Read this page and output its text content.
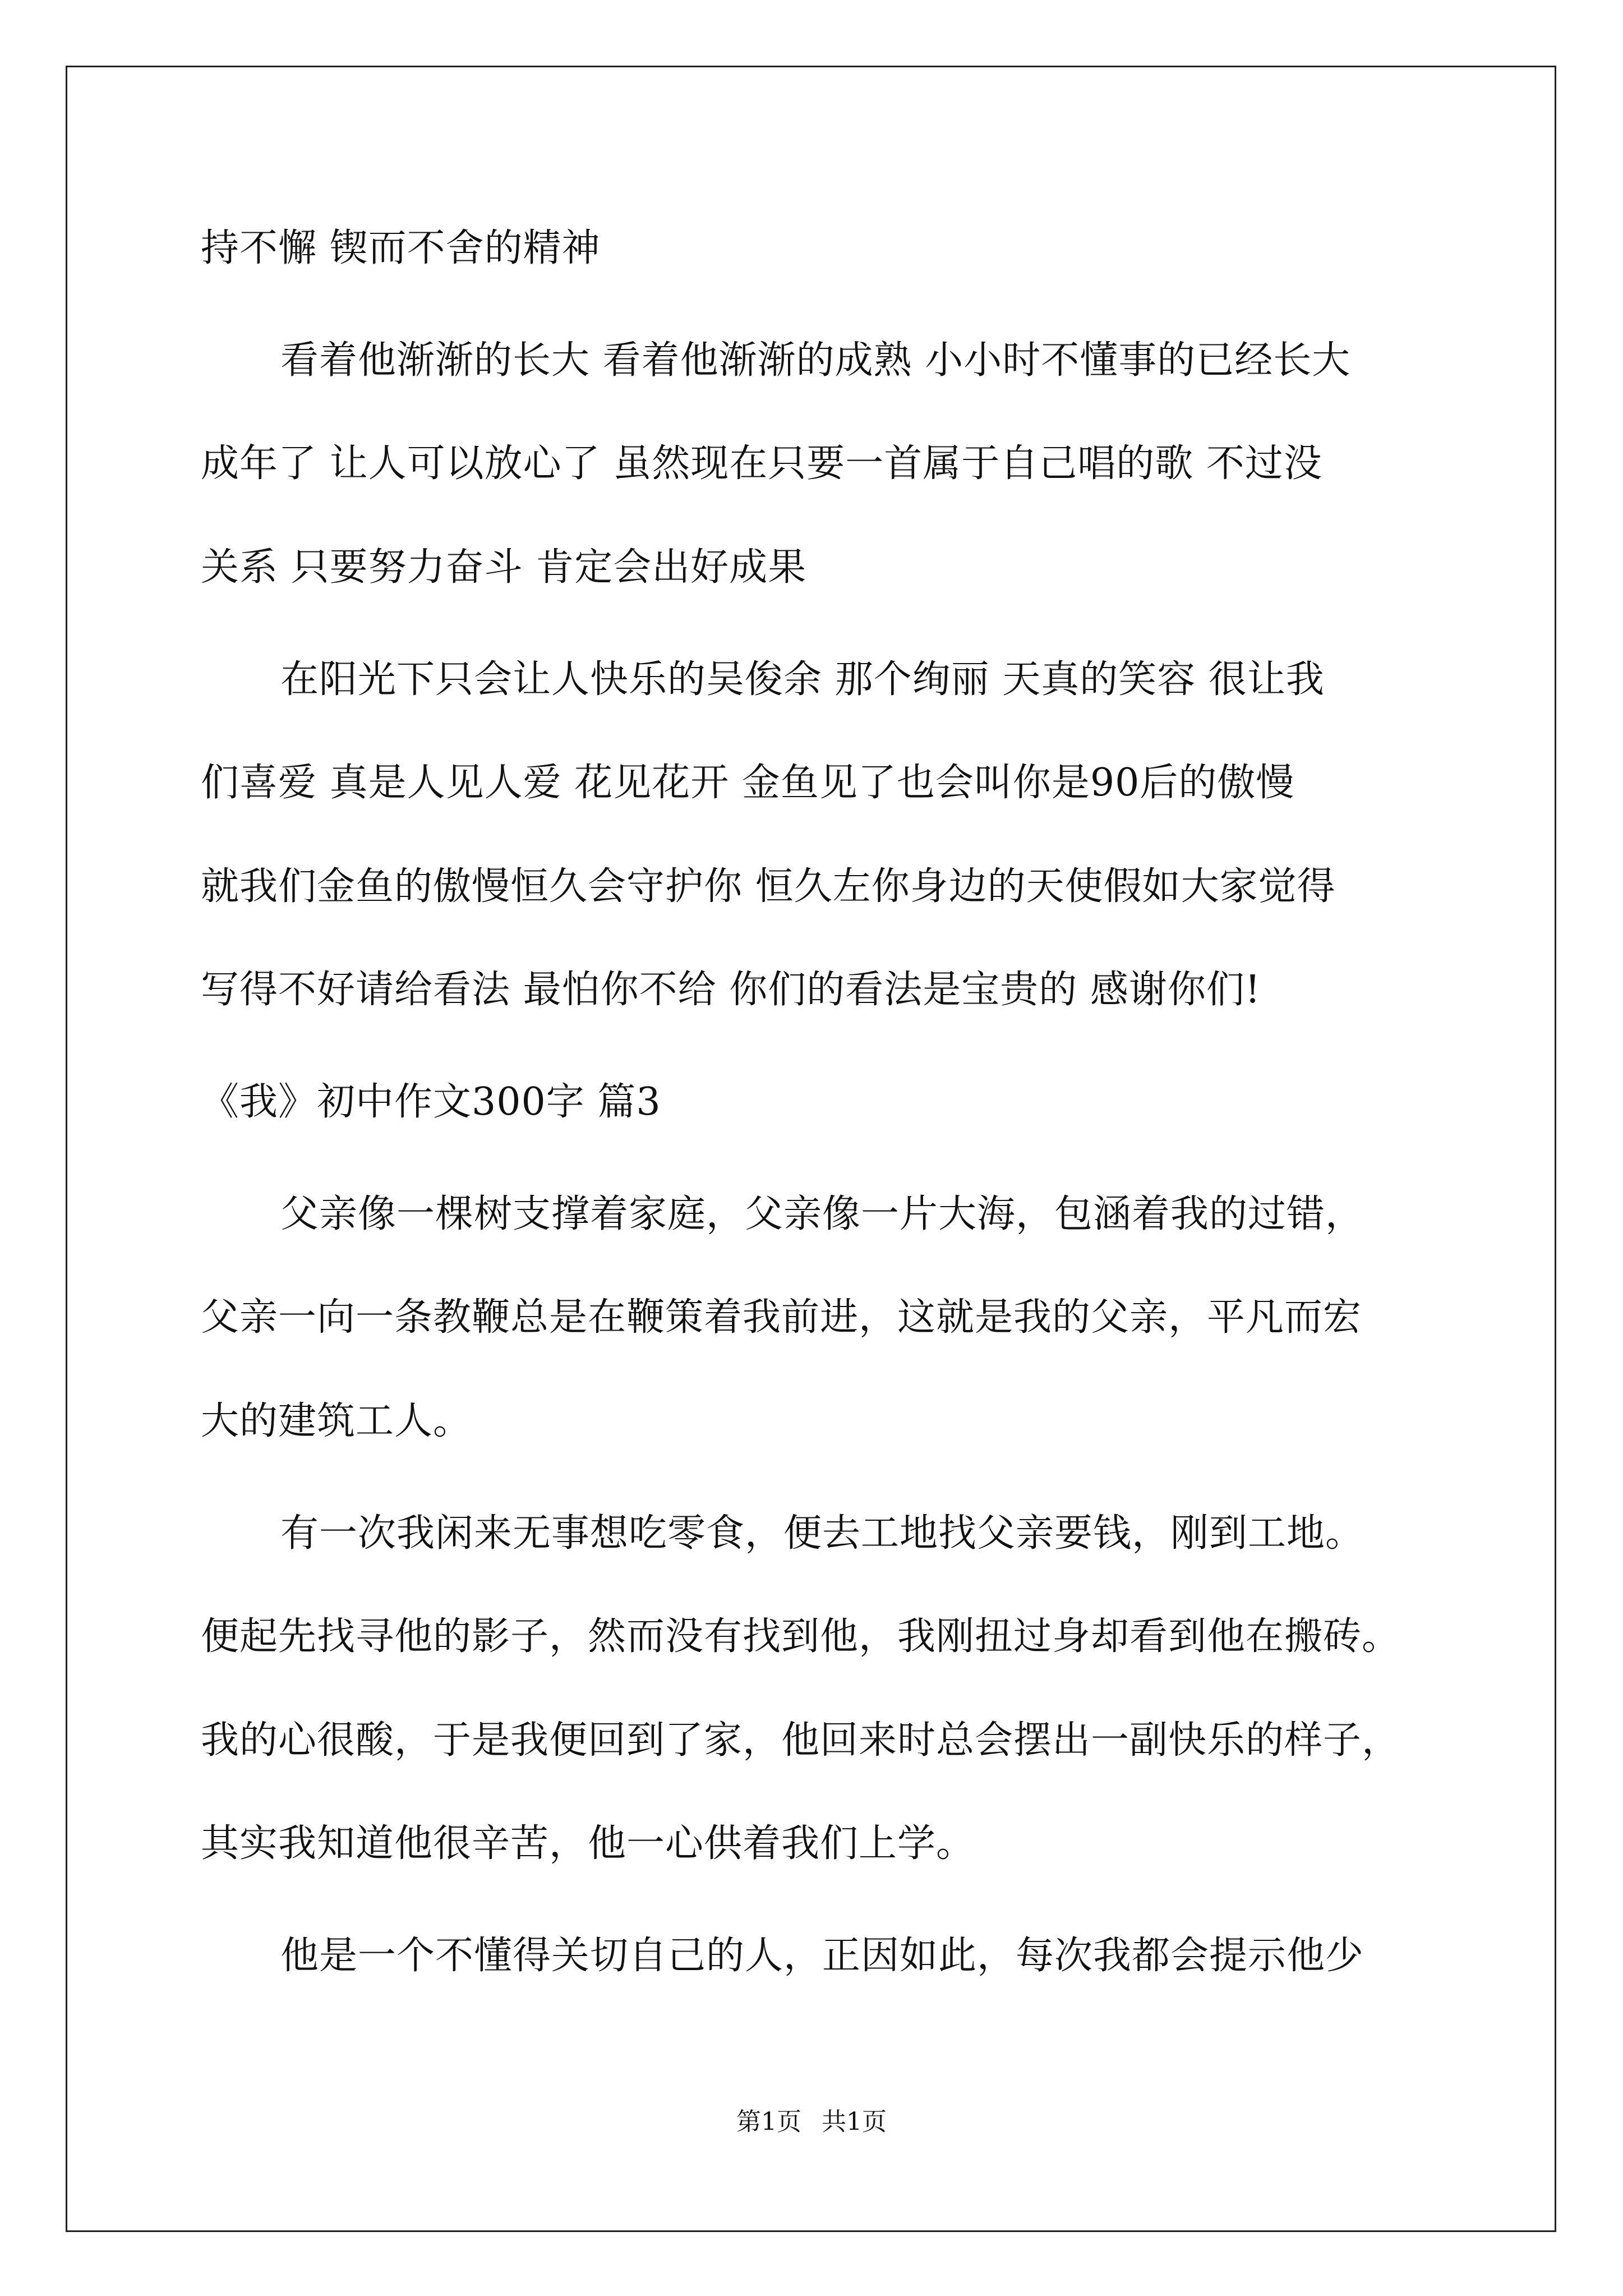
持不懈 锲而不舍的精神
看着他渐渐的长大 看着他渐渐的成熟 小小时不懂事的已经长大
成年了 让人可以放心了 虽然现在只要一首属于自己唱的歌 不过没
关系 只要努力奋斗 肯定会出好成果
在阳光下只会让人快乐的吴俊余 那个绚丽 天真的笑容 很让我
们喜爱 真是人见人爱 花见花开 金鱼见了也会叫你是90后的傲慢
就我们金鱼的傲慢恒久会守护你 恒久左你身边的天使假如大家觉得
写得不好请给看法 最怕你不给 你们的看法是宝贵的 感谢你们!
《我》初中作文300字 篇3
父亲像一棵树支撑着家庭，父亲像一片大海，包涵着我的过错，
父亲一向一条教鞭总是在鞭策着我前进，这就是我的父亲，平凡而宏
大的建筑工人。
有一次我闲来无事想吃零食，便去工地找父亲要钱，刚到工地。
便起先找寻他的影子，然而没有找到他，我刚扭过身却看到他在搬砖。
我的心很酸，于是我便回到了家，他回来时总会摆出一副快乐的样子，
其实我知道他很辛苦，他一心供着我们上学。
他是一个不懂得关切自己的人，正因如此，每次我都会提示他少
第1页 共1页
